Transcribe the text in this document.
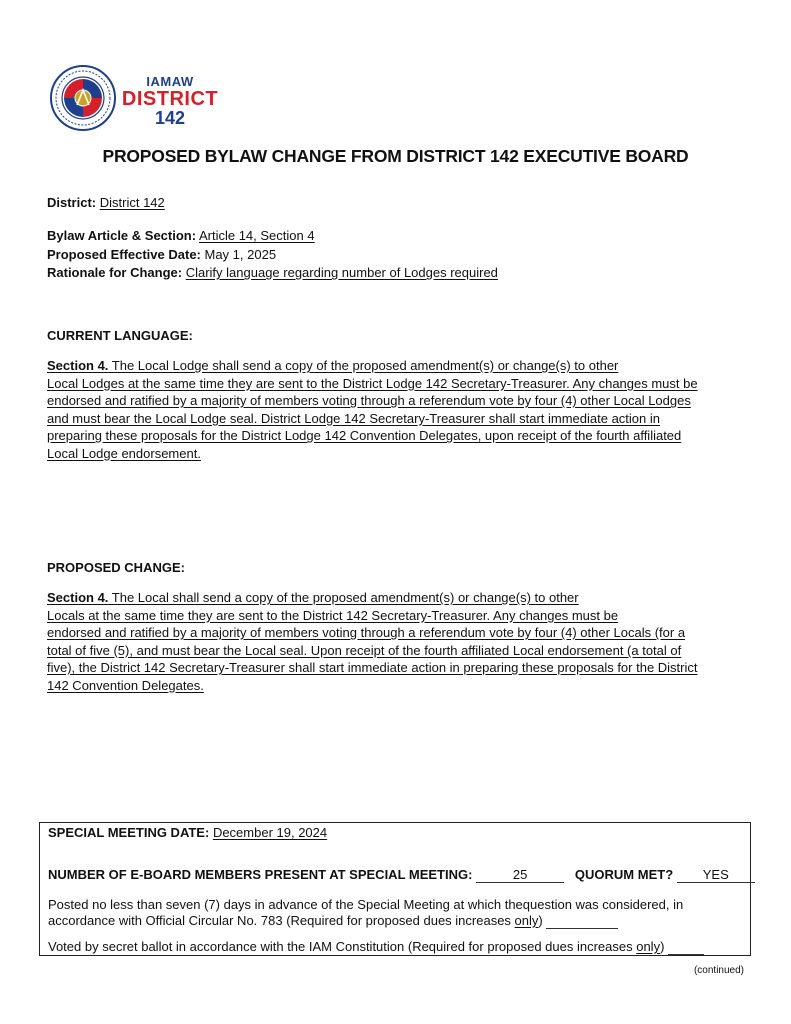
IAMAW
DISTRICT
142
PROPOSED BYLAW CHANGE FROM DISTRICT 142 EXECUTIVE BOARD
District: District 142
Bylaw Article & Section: Article 14, Section 4
Proposed Effective Date: May 1, 2025
Rationale for Change: Clarify language regarding number of Lodges required
CURRENT LANGUAGE:
Section 4. The Local Lodge shall send a copy of the proposed amendment(s) or change(s) to other
Local Lodges at the same time they are sent to the District Lodge 142 Secretary-Treasurer. Any changes must be
endorsed and ratified by a majority of members voting through a referendum vote by four (4) other Local Lodges
and must bear the Local Lodge seal. District Lodge 142 Secretary-Treasurer shall start immediate action in
preparing these proposals for the District Lodge 142 Convention Delegates, upon receipt of the fourth affiliated
Local Lodge endorsement.
PROPOSED CHANGE:
Section 4. The Local shall send a copy of the proposed amendment(s) or change(s) to other
Locals at the same time they are sent to the District 142 Secretary-Treasurer. Any changes must be
endorsed and ratified by a majority of members voting through a referendum vote by four (4) other Locals (for a
total of five (5), and must bear the Local seal. Upon receipt of the fourth affiliated Local endorsement (a total of
five), the District 142 Secretary-Treasurer shall start immediate action in preparing these proposals for the District
142 Convention Delegates.
SPECIAL MEETING DATE: December 19, 2024
NUMBER OF E-BOARD MEMBERS PRESENT AT SPECIAL MEETING:	25	QUORUM MET? YES
Posted no less than seven (7) days in advance of the Special Meeting at which thequestion was considered, in
accordance with Official Circular No. 783 (Required for proposed dues increases only)
Voted by secret ballot in accordance with the IAM Constitution (Required for proposed dues increases only)
(continued)
